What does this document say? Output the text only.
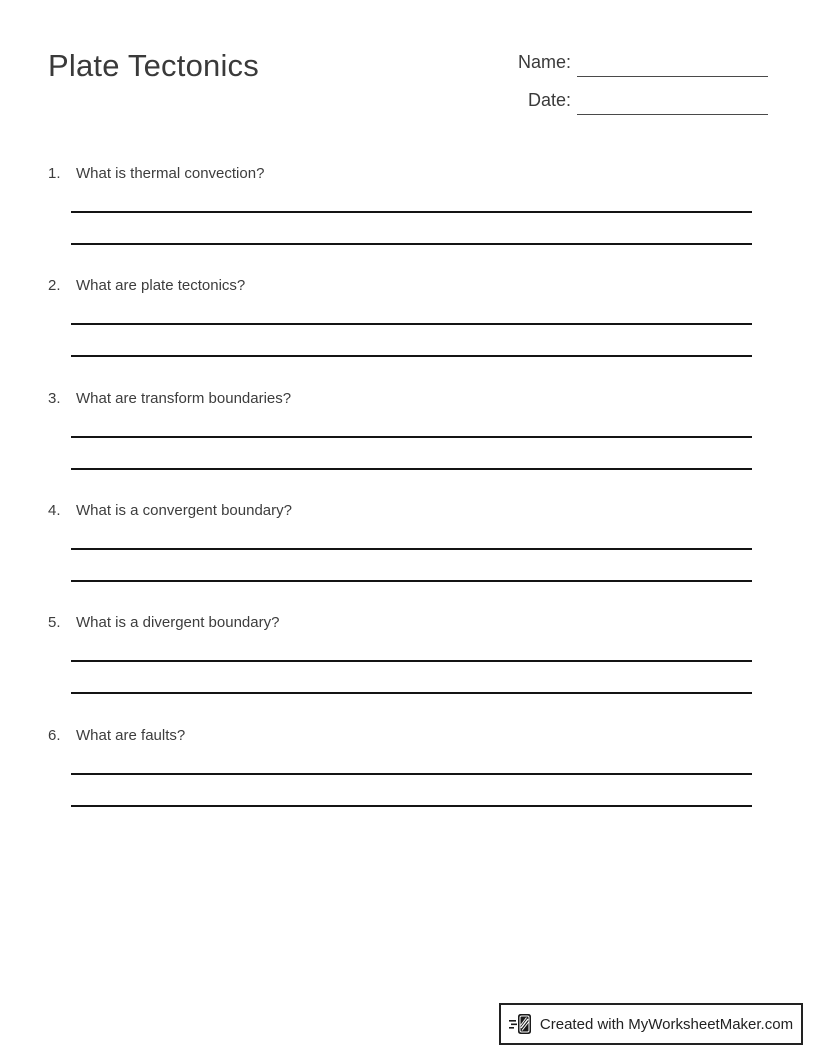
Plate Tectonics	Name:
Date:
1.	What is thermal convection?
2.	What are plate tectonics?
3.	What are transform boundaries?
4.	What is a convergent boundary?
5.	What is a divergent boundary?
6.	What are faults?
Created with MyWorksheetMaker.com
